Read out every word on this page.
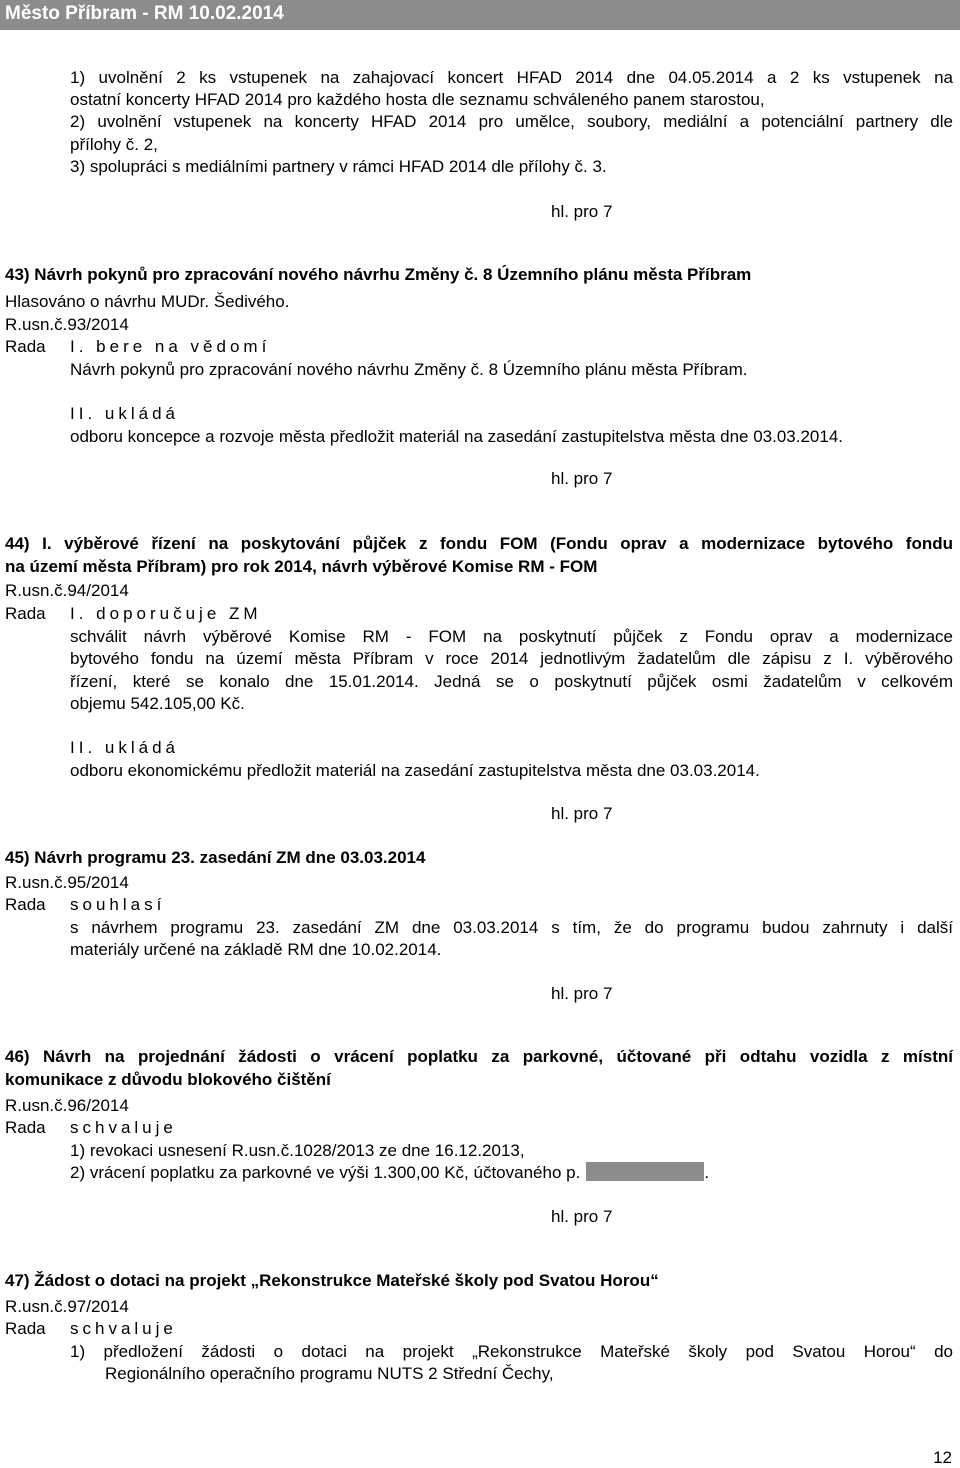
Město Příbram - RM 10.02.2014
1) uvolnění 2 ks vstupenek na zahajovací koncert HFAD 2014 dne 04.05.2014 a 2 ks vstupenek na
ostatní koncerty HFAD 2014 pro každého hosta dle seznamu schváleného panem starostou,
2) uvolnění vstupenek na koncerty HFAD 2014 pro umělce, soubory, mediální a potenciální partnery dle
přílohy č. 2,
3) spolupráci s mediálními partnery v rámci HFAD 2014 dle přílohy č. 3.
hl. pro 7
43) Návrh pokynů pro zpracování nového návrhu Změny č. 8 Územního plánu města Příbram
Hlasováno o návrhu MUDr. Šedivého.
R.usn.č.93/2014
Rada I. bere na vědomí
Návrh pokynů pro zpracování nového návrhu Změny č. 8 Územního plánu města Příbram.
II. ukládá
odboru koncepce a rozvoje města předložit materiál na zasedání zastupitelstva města dne 03.03.2014.
hl. pro 7
44) I. výběrové řízení na poskytování půjček z fondu FOM (Fondu oprav a modernizace bytového fondu
na území města Příbram) pro rok 2014, návrh výběrové Komise RM - FOM
R.usn.č.94/2014
Rada I. doporučuje ZM
schválit návrh výběrové Komise RM - FOM na poskytnutí půjček z Fondu oprav a modernizace
bytového fondu na území města Příbram v roce 2014 jednotlivým žadatelům dle zápisu z I. výběrového
řízení, které se konalo dne 15.01.2014. Jedná se o poskytnutí půjček osmi žadatelům v celkovém
objemu 542.105,00 Kč.
II. ukládá
odboru ekonomickému předložit materiál na zasedání zastupitelstva města dne 03.03.2014.
hl. pro 7
45) Návrh programu 23. zasedání ZM dne 03.03.2014
R.usn.č.95/2014
Rada souhlasí
s návrhem programu 23. zasedání ZM dne 03.03.2014 s tím, že do programu budou zahrnuty i další
materiály určené na základě RM dne 10.02.2014.
hl. pro 7
46) Návrh na projednání žádosti o vrácení poplatku za parkovné, účtované při odtahu vozidla z místní
komunikace z důvodu blokového čištění
R.usn.č.96/2014
Rada schvaluje
1) revokaci usnesení R.usn.č.1028/2013 ze dne 16.12.2013,
2) vrácení poplatku za parkovné ve výši 1.300,00 Kč, účtovaného p.	.
hl. pro 7
47) Žádost o dotaci na projekt „Rekonstrukce Mateřské školy pod Svatou Horou“
R.usn.č.97/2014
Rada schvaluje
1) předložení žádosti o dotaci na projekt „Rekonstrukce Mateřské školy pod Svatou Horou“ do
Regionálního operačního programu NUTS 2 Střední Čechy,
12
